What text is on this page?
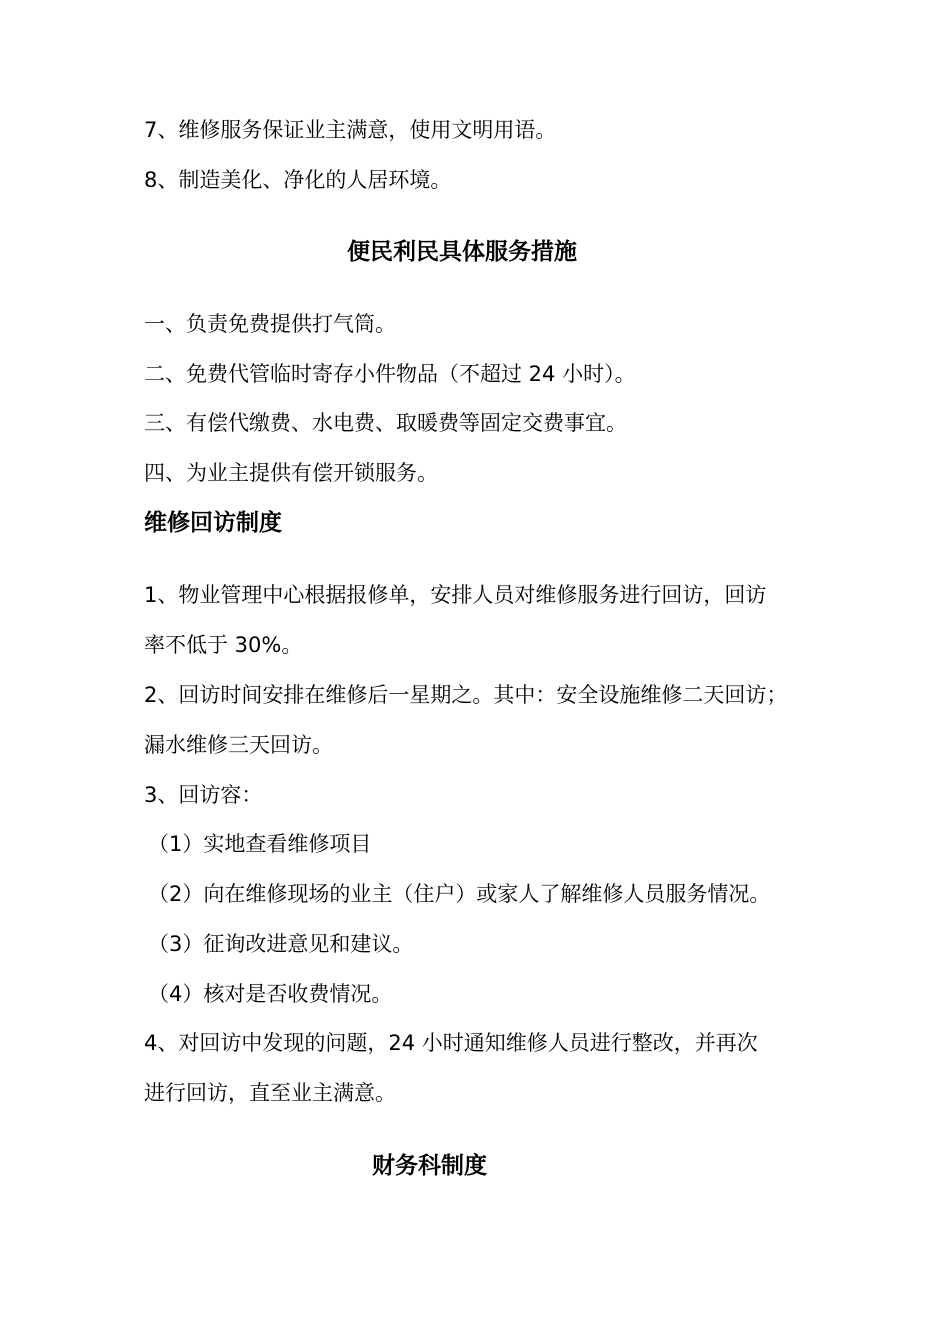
7、维修服务保证业主满意，使用文明用语。
8、制造美化、净化的人居环境。
便民利民具体服务措施
一、负责免费提供打气筒。
二、免费代管临时寄存小件物品（不超过 24 小时）。
三、有偿代缴费、水电费、取暖费等固定交费事宜。
四、为业主提供有偿开锁服务。
维修回访制度
1、物业管理中心根据报修单，安排人员对维修服务进行回访，回访
率不低于 30%。
2、回访时间安排在维修后一星期之。其中：安全设施维修二天回访；
漏水维修三天回访。
3、回访容：
（1）实地查看维修项目
（2）向在维修现场的业主（住户）或家人了解维修人员服务情况。
（3）征询改进意见和建议。
（4）核对是否收费情况。
4、对回访中发现的问题，24 小时通知维修人员进行整改，并再次
进行回访，直至业主满意。
财务科制度
